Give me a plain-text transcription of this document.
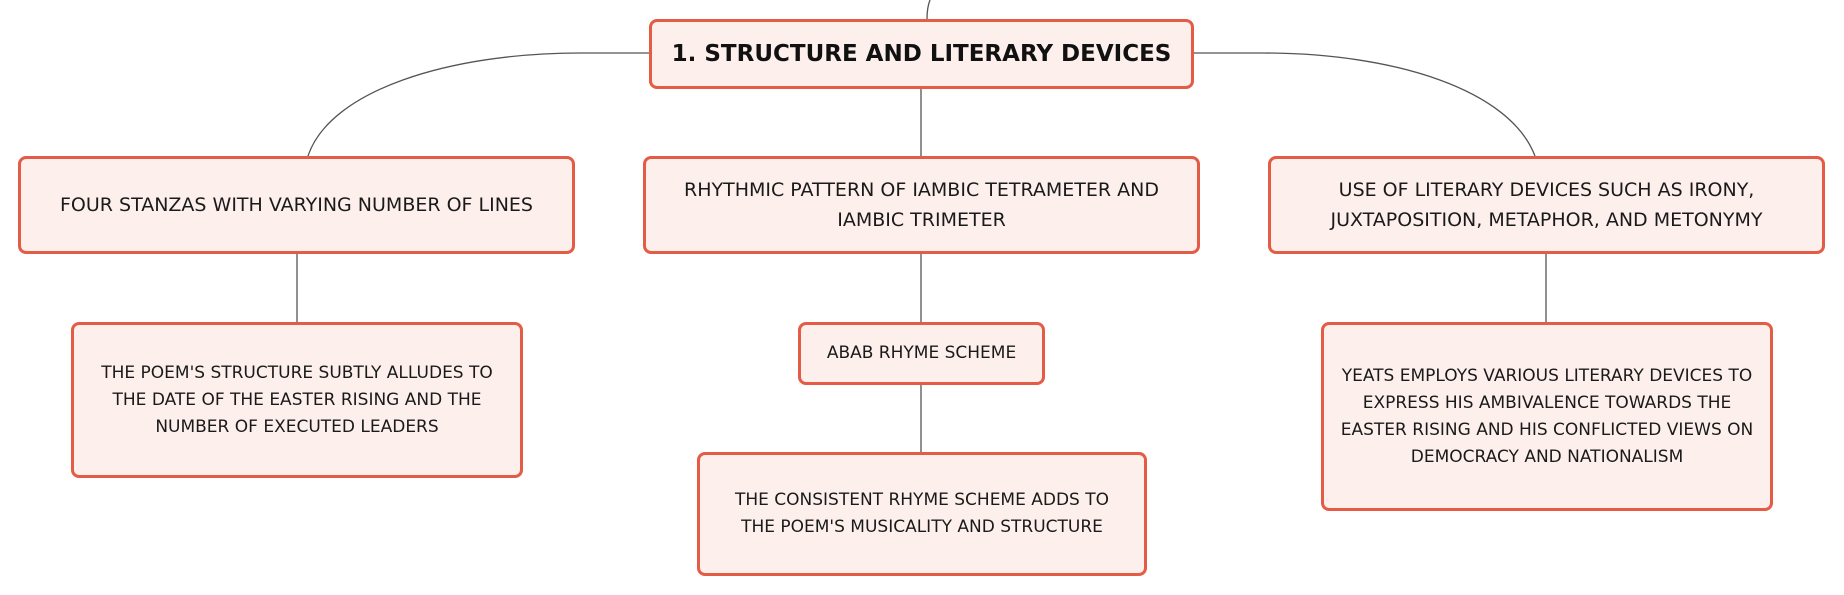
1. STRUCTURE AND LITERARY DEVICES
FOUR STANZAS WITH VARYING NUMBER OF LINES
RHYTHMIC PATTERN OF IAMBIC TETRAMETER AND IAMBIC TRIMETER
USE OF LITERARY DEVICES SUCH AS IRONY, JUXTAPOSITION, METAPHOR, AND METONYMY
THE POEM'S STRUCTURE SUBTLY ALLUDES TO THE DATE OF THE EASTER RISING AND THE NUMBER OF EXECUTED LEADERS
ABAB RHYME SCHEME
THE CONSISTENT RHYME SCHEME ADDS TO THE POEM'S MUSICALITY AND STRUCTURE
YEATS EMPLOYS VARIOUS LITERARY DEVICES TO EXPRESS HIS AMBIVALENCE TOWARDS THE EASTER RISING AND HIS CONFLICTED VIEWS ON DEMOCRACY AND NATIONALISM
